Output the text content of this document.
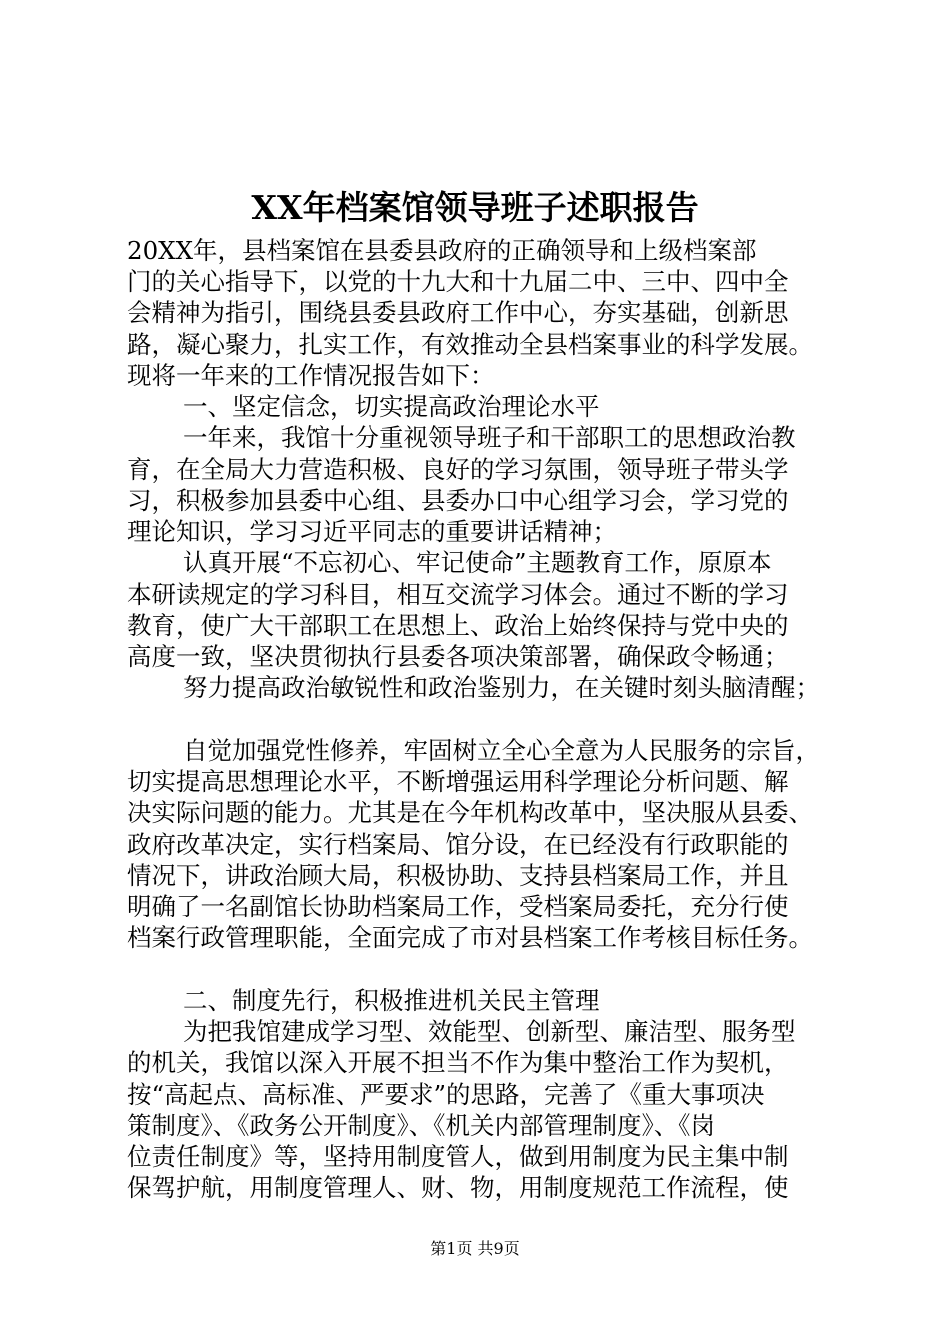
XX年档案馆领导班子述职报告

20XX年，县档案馆在县委县政府的正确领导和上级档案部

门的关心指导下，以党的十九大和十九届二中、三中、四中全

会精神为指引，围绕县委县政府工作中心，夯实基础，创新思

路，凝心聚力，扎实工作，有效推动全县档案事业的科学发展。

现将一年来的工作情况报告如下：

一、坚定信念，切实提高政治理论水平

一年来，我馆十分重视领导班子和干部职工的思想政治教

育，在全局大力营造积极、良好的学习氛围，领导班子带头学

习，积极参加县委中心组、县委办口中心组学习会，学习党的

理论知识，学习习近平同志的重要讲话精神；

认真开展“不忘初心、牢记使命”主题教育工作，原原本

本研读规定的学习科目，相互交流学习体会。通过不断的学习

教育，使广大干部职工在思想上、政治上始终保持与党中央的

高度一致，坚决贯彻执行县委各项决策部署，确保政令畅通；

努力提高政治敏锐性和政治鉴别力，在关键时刻头脑清醒；

自觉加强党性修养，牢固树立全心全意为人民服务的宗旨，

切实提高思想理论水平，不断增强运用科学理论分析问题、解

决实际问题的能力。尤其是在今年机构改革中，坚决服从县委、

政府改革决定，实行档案局、馆分设，在已经没有行政职能的

情况下，讲政治顾大局，积极协助、支持县档案局工作，并且

明确了一名副馆长协助档案局工作，受档案局委托，充分行使

档案行政管理职能，全面完成了市对县档案工作考核目标任务。

二、制度先行，积极推进机关民主管理

为把我馆建成学习型、效能型、创新型、廉洁型、服务型

的机关，我馆以深入开展不担当不作为集中整治工作为契机，

按“高起点、高标准、严要求”的思路，完善了《重大事项决

策制度》、《政务公开制度》、《机关内部管理制度》、《岗

位责任制度》等，坚持用制度管人，做到用制度为民主集中制

保驾护航，用制度管理人、财、物，用制度规范工作流程，使

第1页 共9页
